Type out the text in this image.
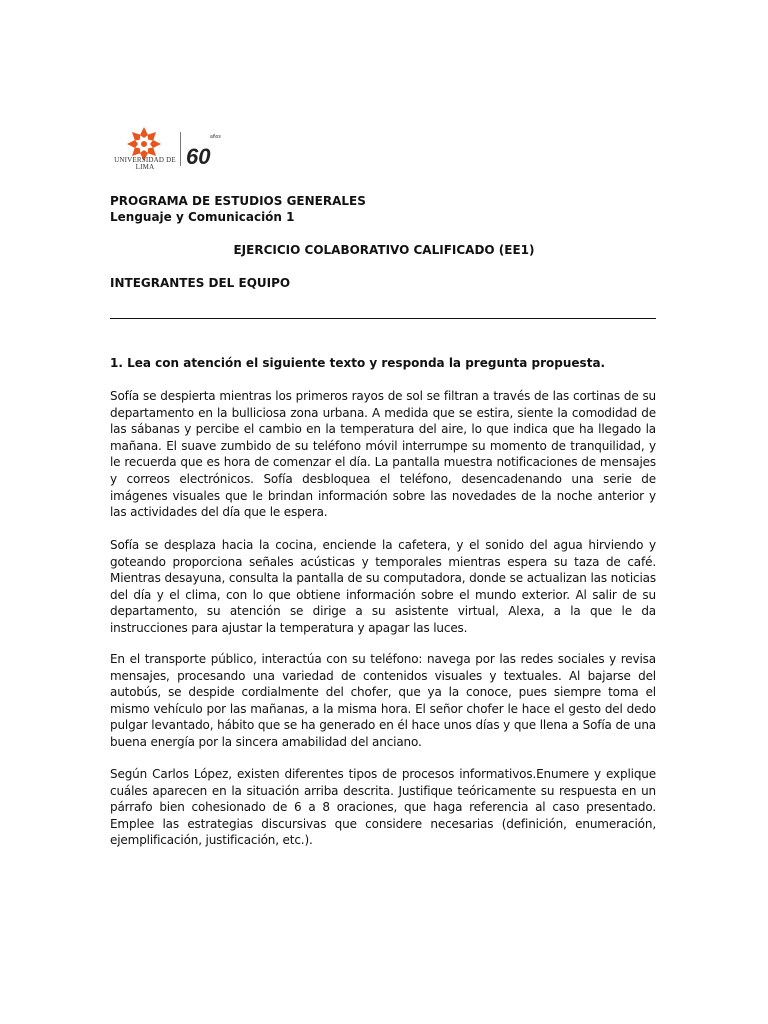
UNIVERSIDAD DE LIMA
años
60
PROGRAMA DE ESTUDIOS GENERALES
Lenguaje y Comunicación 1
EJERCICIO COLABORATIVO CALIFICADO (EE1)
INTEGRANTES DEL EQUIPO
1. Lea con atención el siguiente texto y responda la pregunta propuesta.
Sofía se despierta mientras los primeros rayos de sol se filtran a través de las cortinas de su departamento en la bulliciosa zona urbana. A medida que se estira, siente la comodidad de las sábanas y percibe el cambio en la temperatura del aire, lo que indica que ha llegado la mañana. El suave zumbido de su teléfono móvil interrumpe su momento de tranquilidad, y le recuerda que es hora de comenzar el día. La pantalla muestra notificaciones de mensajes y correos electrónicos. Sofía desbloquea el teléfono, desencadenando una serie de imágenes visuales que le brindan información sobre las novedades de la noche anterior y las actividades del día que le espera.
Sofía se desplaza hacia la cocina, enciende la cafetera, y el sonido del agua hirviendo y goteando proporciona señales acústicas y temporales mientras espera su taza de café. Mientras desayuna, consulta la pantalla de su computadora, donde se actualizan las noticias del día y el clima, con lo que obtiene información sobre el mundo exterior. Al salir de su departamento, su atención se dirige a su asistente virtual, Alexa, a la que le da instrucciones para ajustar la temperatura y apagar las luces.
En el transporte público, interactúa con su teléfono: navega por las redes sociales y revisa mensajes, procesando una variedad de contenidos visuales y textuales. Al bajarse del autobús, se despide cordialmente del chofer, que ya la conoce, pues siempre toma el mismo vehículo por las mañanas, a la misma hora. El señor chofer le hace el gesto del dedo pulgar levantado, hábito que se ha generado en él hace unos días y que llena a Sofía de una buena energía por la sincera amabilidad del anciano.
Según Carlos López, existen diferentes tipos de procesos informativos.Enumere y explique cuáles aparecen en la situación arriba descrita. Justifique teóricamente su respuesta en un párrafo bien cohesionado de 6 a 8 oraciones, que haga referencia al caso presentado. Emplee las estrategias discursivas que considere necesarias (definición, enumeración, ejemplificación, justificación, etc.).
